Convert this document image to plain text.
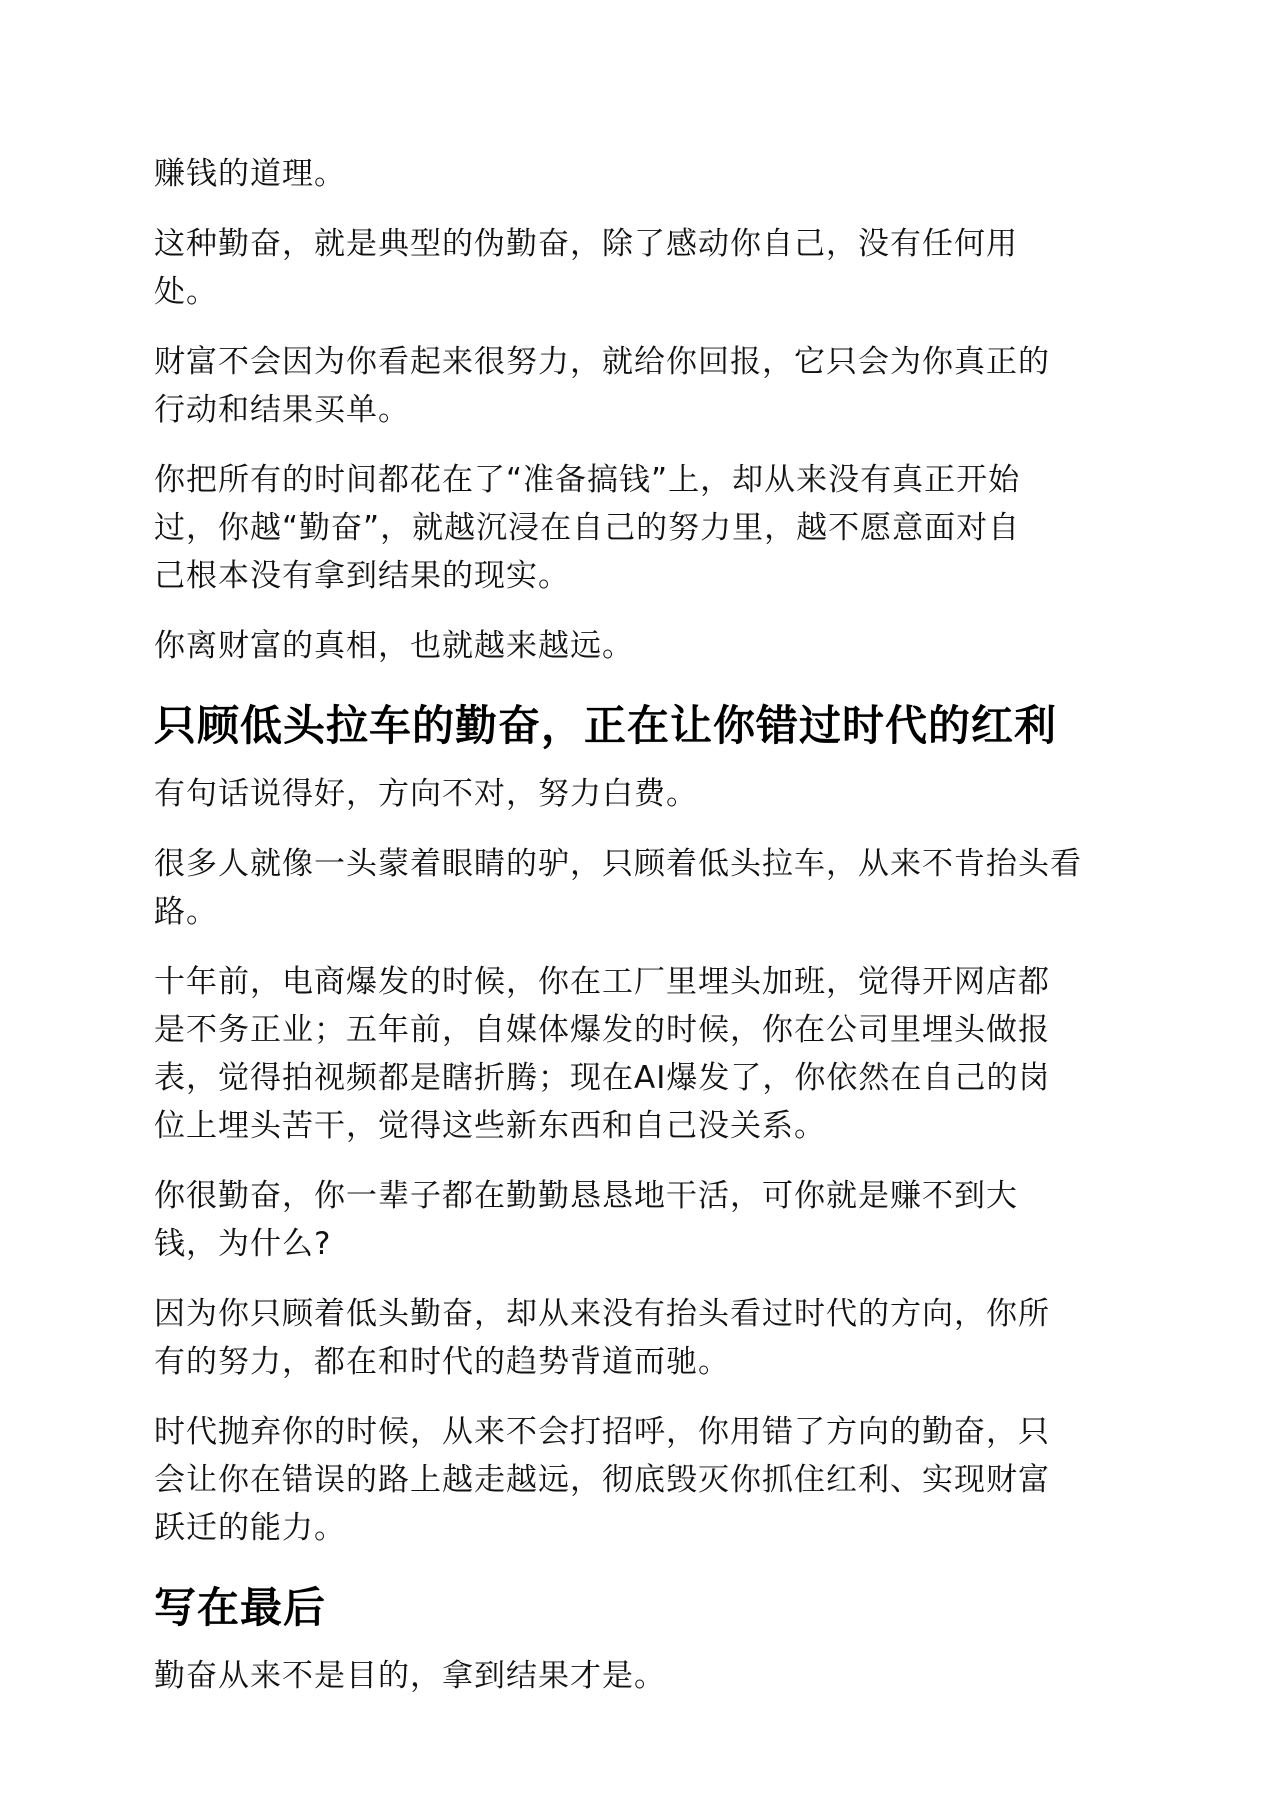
赚钱的道理。

这种勤奋，就是典型的伪勤奋，除了感动你自己，没有任何用
处。

财富不会因为你看起来很努力，就给你回报，它只会为你真正的
行动和结果买单。

你把所有的时间都花在了“准备搞钱”上，却从来没有真正开始
过，你越“勤奋”，就越沉浸在自己的努力里，越不愿意面对自
己根本没有拿到结果的现实。

你离财富的真相，也就越来越远。

只顾低头拉车的勤奋，正在让你错过时代的红利

有句话说得好，方向不对，努力白费。

很多人就像一头蒙着眼睛的驴，只顾着低头拉车，从来不肯抬头看
路。

十年前，电商爆发的时候，你在工厂里埋头加班，觉得开网店都
是不务正业；五年前，自媒体爆发的时候，你在公司里埋头做报
表，觉得拍视频都是瞎折腾；现在AI爆发了，你依然在自己的岗
位上埋头苦干，觉得这些新东西和自己没关系。

你很勤奋，你一辈子都在勤勤恳恳地干活，可你就是赚不到大
钱，为什么?

因为你只顾着低头勤奋，却从来没有抬头看过时代的方向，你所
有的努力，都在和时代的趋势背道而驰。

时代抛弃你的时候，从来不会打招呼，你用错了方向的勤奋，只
会让你在错误的路上越走越远，彻底毁灭你抓住红利、实现财富
跃迁的能力。

写在最后

勤奋从来不是目的，拿到结果才是。
